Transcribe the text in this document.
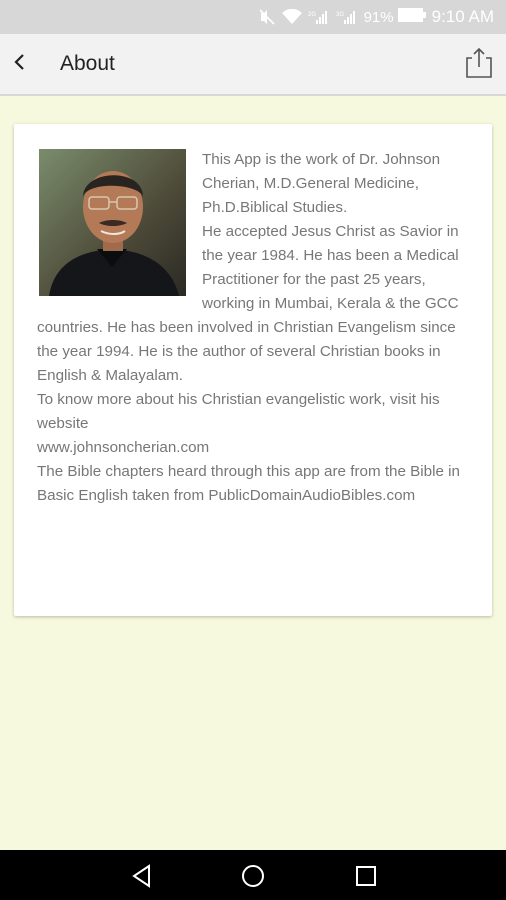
2G	3G 91% 9:10 AM
About

This App is the work of Dr. Johnson Cherian, M.D.General Medicine, Ph.D.Biblical Studies.

He accepted Jesus Christ as Savior in the year 1984. He has been a Medical Practitioner for the past 25 years, working in Mumbai, Kerala & the GCC countries. He has been involved in Christian Evangelism since the year 1994. He is the author of several Christian books in English & Malayalam.

To know more about his Christian evangelistic work, visit his website

www.johnsoncherian.com

The Bible chapters heard through this app are from the Bible in Basic English taken from PublicDomainAudioBibles.com
